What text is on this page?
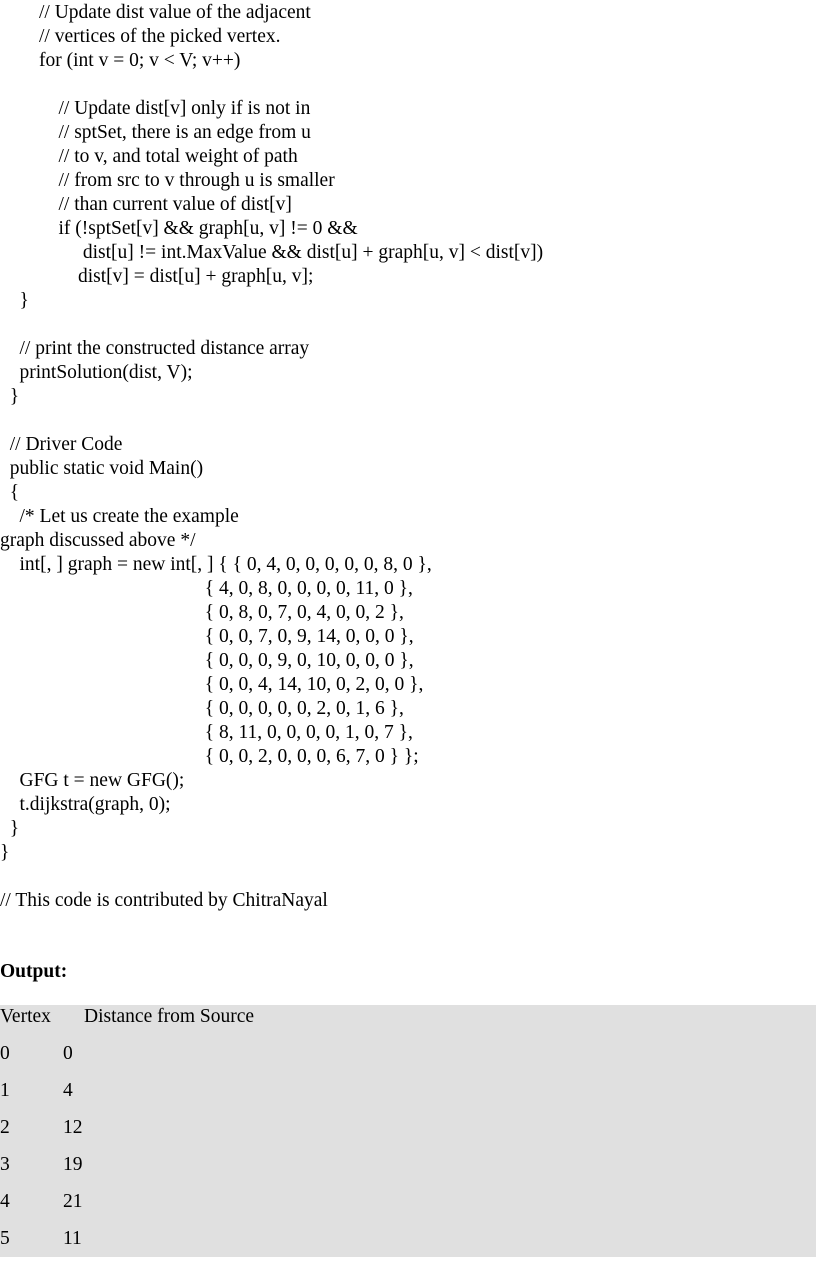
// Update dist value of the adjacent
// vertices of the picked vertex.
for (int v = 0; v < V; v++)
// Update dist[v] only if is not in
// sptSet, there is an edge from u
// to v, and total weight of path
// from src to v through u is smaller
// than current value of dist[v]
if (!sptSet[v] && graph[u, v] != 0 &&
dist[u] != int.MaxValue && dist[u] + graph[u, v] < dist[v])
dist[v] = dist[u] + graph[u, v];
}
// print the constructed distance array
printSolution(dist, V);
}
// Driver Code
public static void Main()
{
/* Let us create the example
graph discussed above */
int[, ] graph = new int[, ] { { 0, 4, 0, 0, 0, 0, 0, 8, 0 },
{ 4, 0, 8, 0, 0, 0, 0, 11, 0 },
{ 0, 8, 0, 7, 0, 4, 0, 0, 2 },
{ 0, 0, 7, 0, 9, 14, 0, 0, 0 },
{ 0, 0, 0, 9, 0, 10, 0, 0, 0 },
{ 0, 0, 4, 14, 10, 0, 2, 0, 0 },
{ 0, 0, 0, 0, 0, 2, 0, 1, 6 },
{ 8, 11, 0, 0, 0, 0, 1, 0, 7 },
{ 0, 0, 2, 0, 0, 0, 6, 7, 0 } };
GFG t = new GFG();
t.dijkstra(graph, 0);
}
}
// This code is contributed by ChitraNayal
Output:
Vertex Distance from Source
0	0
1	4
2	12
3	19
4	21
5	11
